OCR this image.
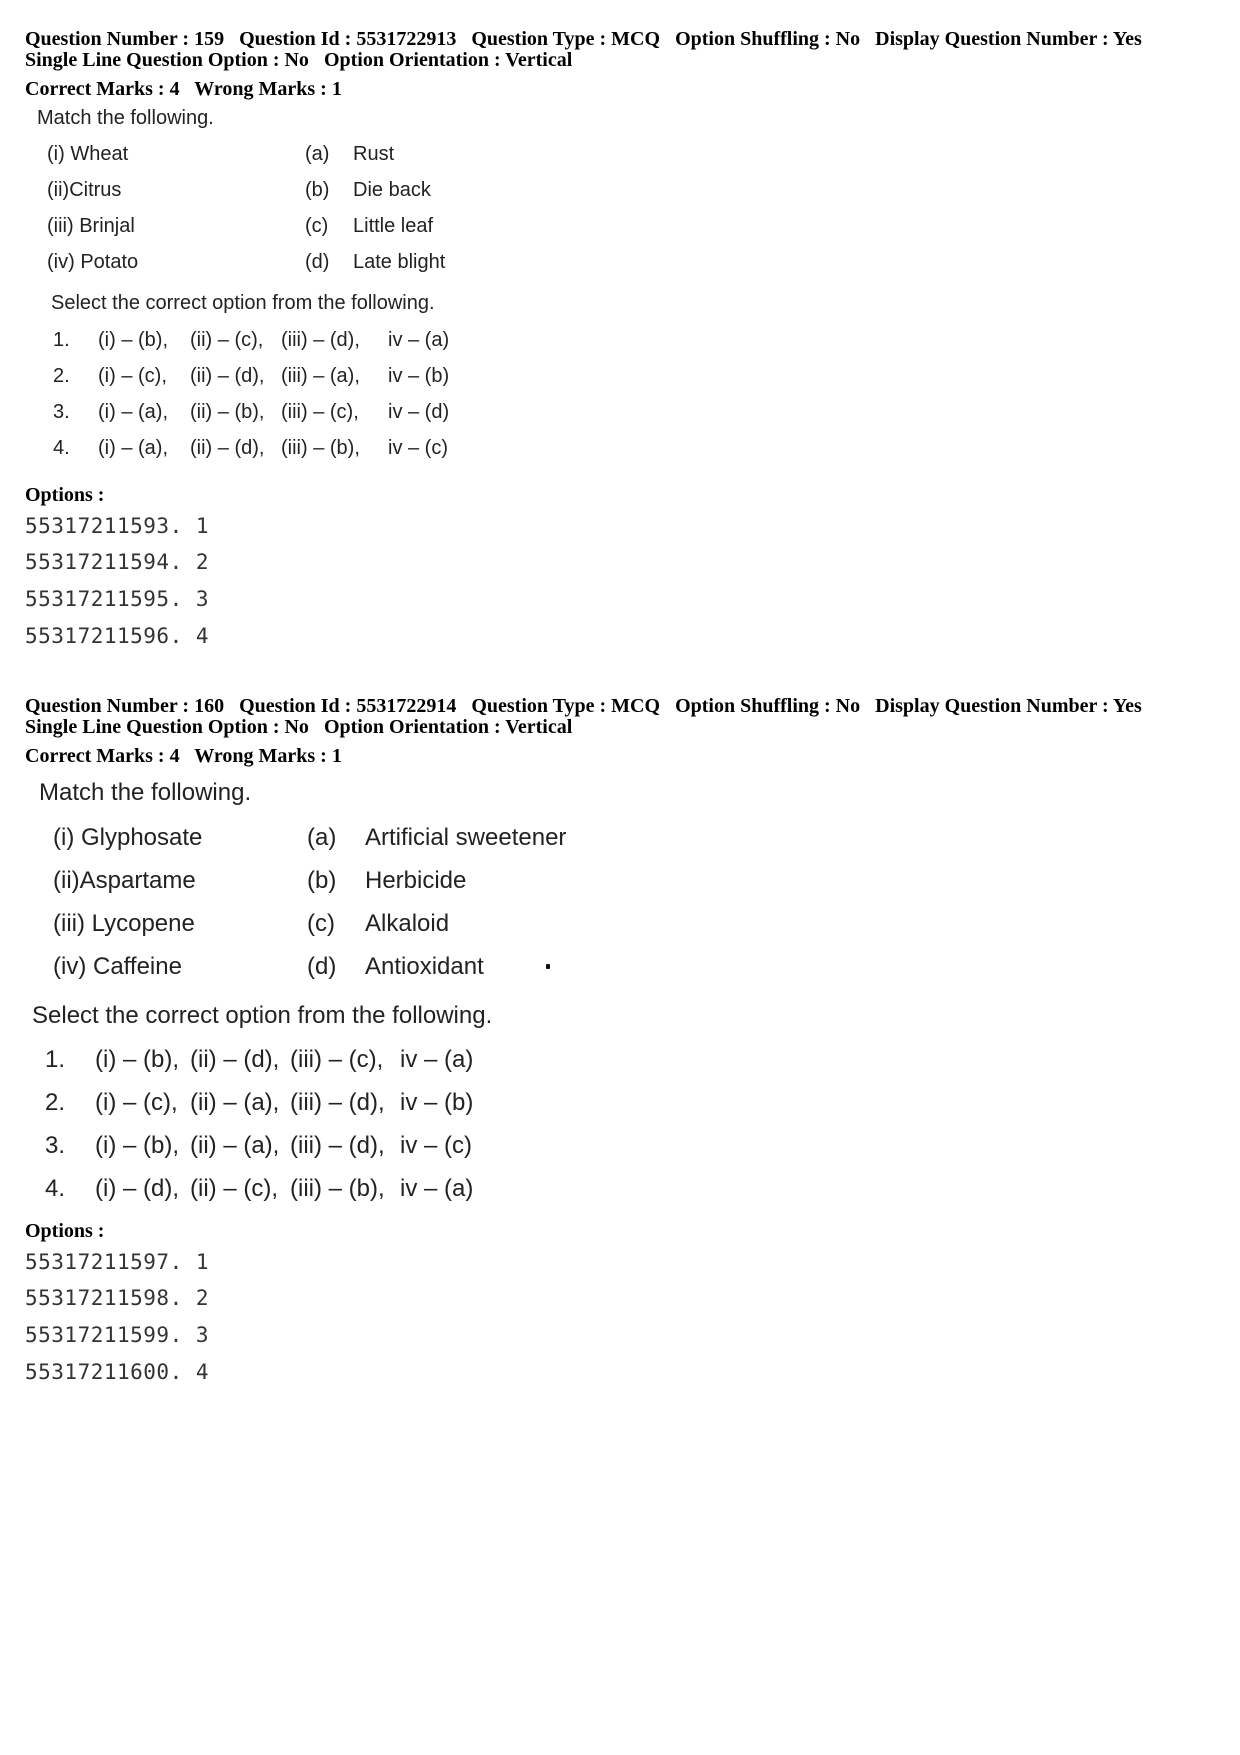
Question Number : 159 Question Id : 5531722913 Question Type : MCQ Option Shuffling : No Display Question Number : Yes
Single Line Question Option : No Option Orientation : Vertical
Correct Marks : 4 Wrong Marks : 1
Match the following.
(i) Wheat	(a) Rust
(ii)Citrus	(b) Die back
(iii) Brinjal	(c) Little leaf
(iv) Potato	(d) Late blight
Select the correct option from the following.
1. (i) – (b), (ii) – (c), (iii) – (d), iv – (a)
2. (i) – (c), (ii) – (d), (iii) – (a), iv – (b)
3. (i) – (a), (ii) – (b), (iii) – (c), iv – (d)
4. (i) – (a), (ii) – (d), (iii) – (b), iv – (c)
Options :
55317211593. 1
55317211594. 2
55317211595. 3
55317211596. 4
Question Number : 160 Question Id : 5531722914 Question Type : MCQ Option Shuffling : No Display Question Number : Yes
Single Line Question Option : No Option Orientation : Vertical
Correct Marks : 4 Wrong Marks : 1
Match the following.
(i) Glyphosate	(a) Artificial sweetener
(ii)Aspartame	(b) Herbicide
(iii) Lycopene	(c) Alkaloid
(iv) Caffeine	(d) Antioxidant
Select the correct option from the following.
1. (i) – (b), (ii) – (d), (iii) – (c), iv – (a)
2. (i) – (c), (ii) – (a), (iii) – (d), iv – (b)
3. (i) – (b), (ii) – (a), (iii) – (d), iv – (c)
4. (i) – (d), (ii) – (c), (iii) – (b), iv – (a)
Options :
55317211597. 1
55317211598. 2
55317211599. 3
55317211600. 4
